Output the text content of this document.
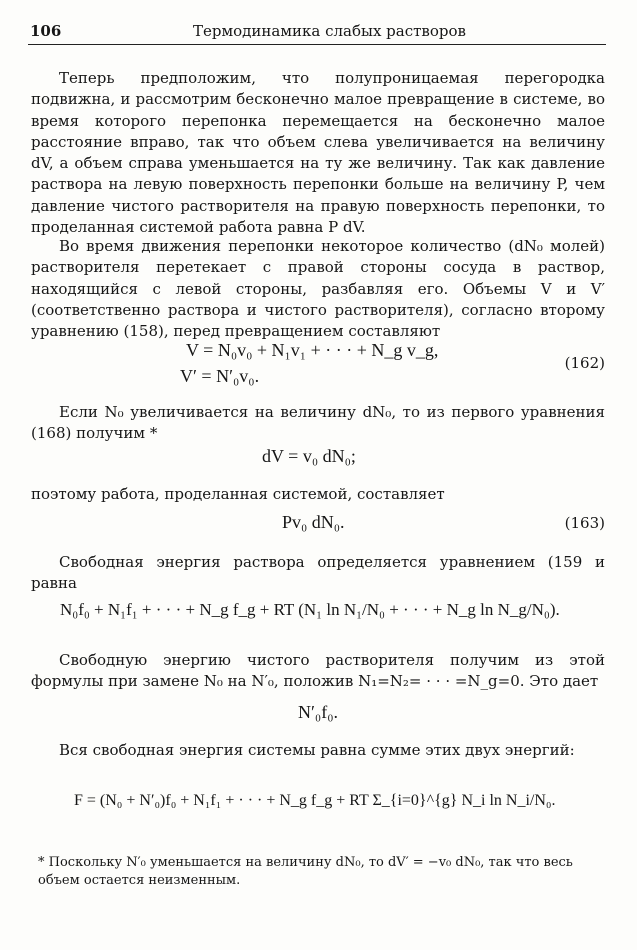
106	Термодинамика слабых растворов

Теперь предположим, что полупроницаемая перегородка подвижна, и рассмотрим бесконечно малое превращение в системе, во время которого перепонка перемещается на бесконечно малое расстояние вправо, так что объем слева увеличивается на величину dV, а объем справа уменьшается на ту же величину. Так как давление раствора на левую поверхность перепонки больше на величину P, чем давление чистого растворителя на правую поверхность перепонки, то проделанная системой работа равна P dV.

Во время движения перепонки некоторое количество (dN₀ молей) растворителя перетекает с правой стороны сосуда в раствор, находящийся с левой стороны, разбавляя его. Объемы V и V′ (соответственно раствора и чистого растворителя), согласно второму уравнению (158), перед превращением составляют

V = N₀v₀ + N₁v₁ + · · · + N_g v_g,
V′ = N′₀v₀.
(162)

Если N₀ увеличивается на величину dN₀, то из первого уравнения (168) получим *

dV = v₀ dN₀;

поэтому работа, проделанная системой, составляет

Pv₀ dN₀.	(163)

Свободная энергия раствора определяется уравнением (159 и равна

N₀f₀ + N₁f₁ + · · · + N_g f_g + RT (N₁ ln N₁/N₀ + · · · + N_g ln N_g/N₀).

Свободную энергию чистого растворителя получим из этой формулы при замене N₀ на N′₀, положив N₁=N₂= · · · =N_g=0. Это дает

N′₀f₀.

Вся свободная энергия системы равна сумме этих двух энергий:

F = (N₀ + N′₀)f₀ + N₁f₁ + · · · + N_g f_g + RT Σ_{i=0}^{g} N_i ln N_i/N₀.
* Поскольку N′₀ уменьшается на величину dN₀, то dV′ = −v₀ dN₀, так что весь объем остается неизменным.
